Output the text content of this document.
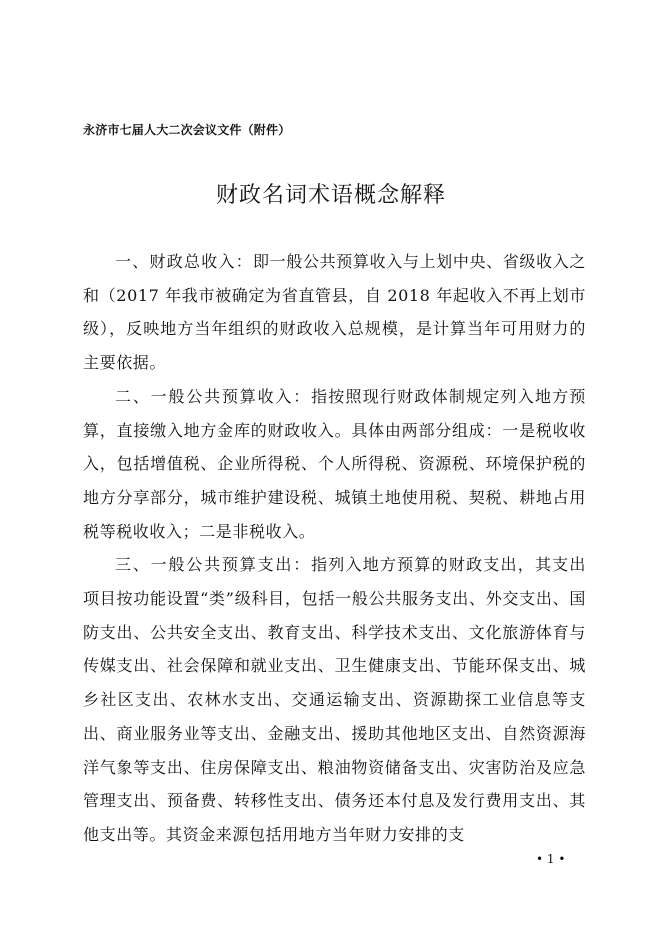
永济市七届人大二次会议文件（附件）
财政名词术语概念解释

一、财政总收入：即一般公共预算收入与上划中央、省级收入之和（2017 年我市被确定为省直管县，自 2018 年起收入不再上划市级），反映地方当年组织的财政收入总规模，是计算当年可用财力的主要依据。

二、一般公共预算收入：指按照现行财政体制规定列入地方预算，直接缴入地方金库的财政收入。具体由两部分组成：一是税收收入，包括增值税、企业所得税、个人所得税、资源税、环境保护税的地方分享部分，城市维护建设税、城镇土地使用税、契税、耕地占用税等税收收入；二是非税收入。

三、一般公共预算支出：指列入地方预算的财政支出，其支出项目按功能设置“类”级科目，包括一般公共服务支出、外交支出、国防支出、公共安全支出、教育支出、科学技术支出、文化旅游体育与传媒支出、社会保障和就业支出、卫生健康支出、节能环保支出、城乡社区支出、农林水支出、交通运输支出、资源勘探工业信息等支出、商业服务业等支出、金融支出、援助其他地区支出、自然资源海洋气象等支出、住房保障支出、粮油物资储备支出、灾害防治及应急管理支出、预备费、转移性支出、债务还本付息及发行费用支出、其他支出等。其资金来源包括用地方当年财力安排的支

• 1 •
